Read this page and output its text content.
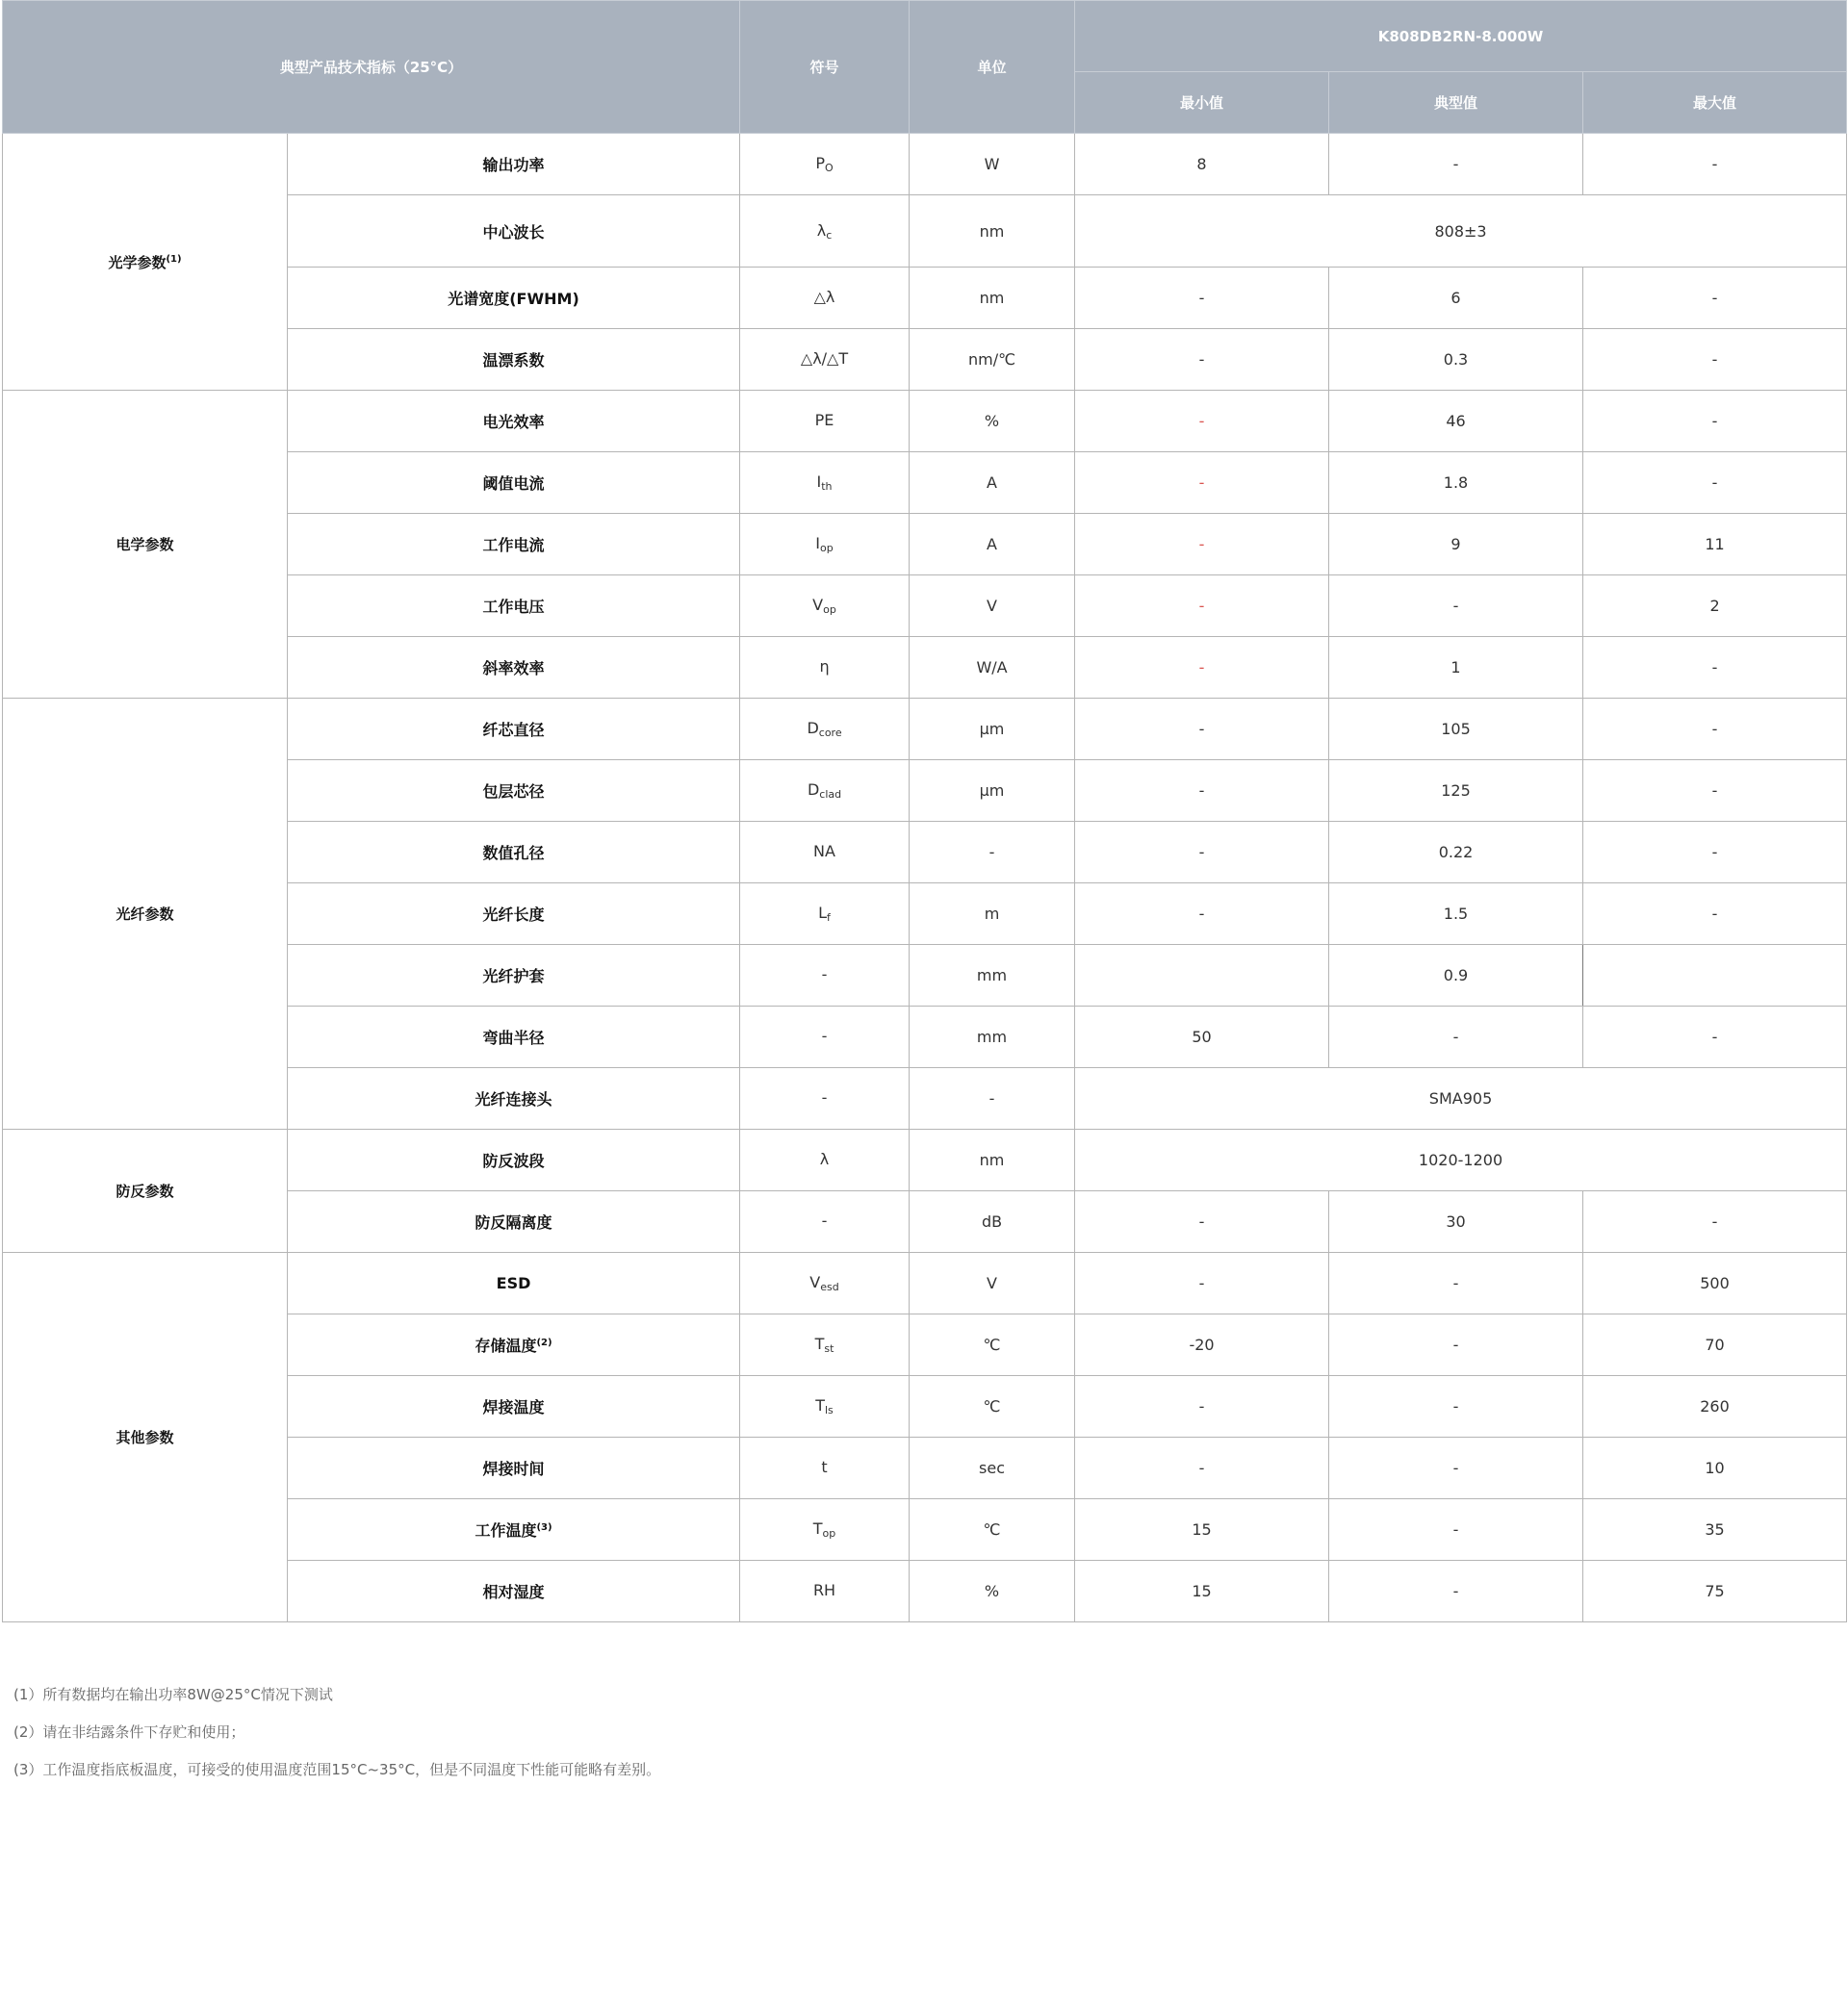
典型产品技术指标（25°C）		符号	单位	K808DB2RN-8.000W		
				最小值	典型值	最大值
光学参数$^{(1)}$	输出功率	$P_O$	W	8	-	-
	中心波长	$\lambda_c$	nm	808±3		
	光谱宽度(FWHM)	△λ	nm	-	6	-
	温漂系数	△λ/△T	nm/℃	-	0.3	-
电学参数	电光效率	PE	%	-	46	-
	阈值电流	$I_{th}$	A	-	1.8	-
	工作电流	$I_{op}$	A	-	9	11
	工作电压	$V_{op}$	V	-	-	2
	斜率效率	η	W/A	-	1	-
光纤参数	纤芯直径	$D_{core}$	μm	-	105	-
	包层芯径	$D_{clad}$	μm	-	125	-
	数值孔径	NA	-	-	0.22	-
	光纤长度	$L_f$	m	-	1.5	-
	光纤护套	-	mm		0.9	
	弯曲半径	-	mm	50	-	-
	光纤连接头	-	-	SMA905		
防反参数	防反波段	λ	nm	1020-1200		
	防反隔离度	-	dB	-	30	-
其他参数	ESD	$V_{esd}$	V	-	-	500
	存储温度$^{(2)}$	$T_{st}$	℃	-20	-	70
	焊接温度	$T_{ls}$	℃	-	-	260
	焊接时间	t	sec	-	-	10
	工作温度$^{(3)}$	$T_{op}$	℃	15	-	35
	相对湿度	RH	%	15	-	75
(1）所有数据均在输出功率8W@25°C情况下测试
(2）请在非结露条件下存贮和使用；
(3）工作温度指底板温度，可接受的使用温度范围15°C~35°C，但是不同温度下性能可能略有差别。
